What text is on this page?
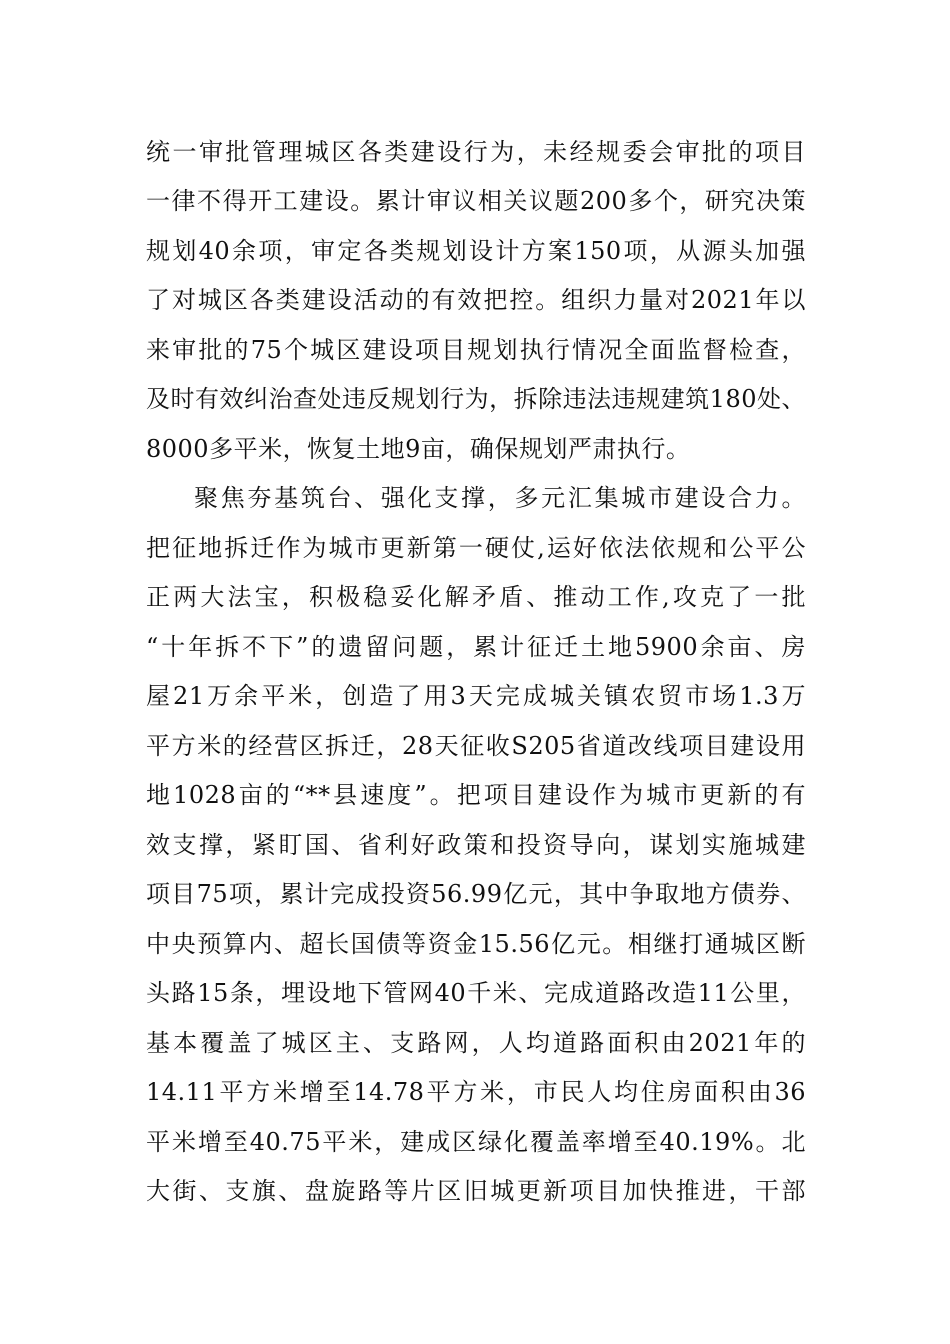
统一审批管理城区各类建设行为，未经规委会审批的项目
一律不得开工建设。累计审议相关议题200多个，研究决策
规划40余项，审定各类规划设计方案150项，从源头加强
了对城区各类建设活动的有效把控。组织力量对2021年以
来审批的75个城区建设项目规划执行情况全面监督检查，
及时有效纠治查处违反规划行为，拆除违法违规建筑180处、
8000多平米，恢复土地9亩，确保规划严肃执行。
聚焦夯基筑台、强化支撑，多元汇集城市建设合力。
把征地拆迁作为城市更新第一硬仗,运好依法依规和公平公
正两大法宝，积极稳妥化解矛盾、推动工作,攻克了一批
“十年拆不下”的遗留问题，累计征迁土地5900余亩、房
屋21万余平米，创造了用3天完成城关镇农贸市场1.3万
平方米的经营区拆迁，28天征收S205省道改线项目建设用
地1028亩的“**县速度”。把项目建设作为城市更新的有
效支撑，紧盯国、省利好政策和投资导向，谋划实施城建
项目75项，累计完成投资56.99亿元，其中争取地方债券、
中央预算内、超长国债等资金15.56亿元。相继打通城区断
头路15条，埋设地下管网40千米、完成道路改造11公里，
基本覆盖了城区主、支路网，人均道路面积由2021年的
14.11平方米增至14.78平方米，市民人均住房面积由36
平米增至40.75平米，建成区绿化覆盖率增至40.19%。北
大街、支旗、盘旋路等片区旧城更新项目加快推进，干部
